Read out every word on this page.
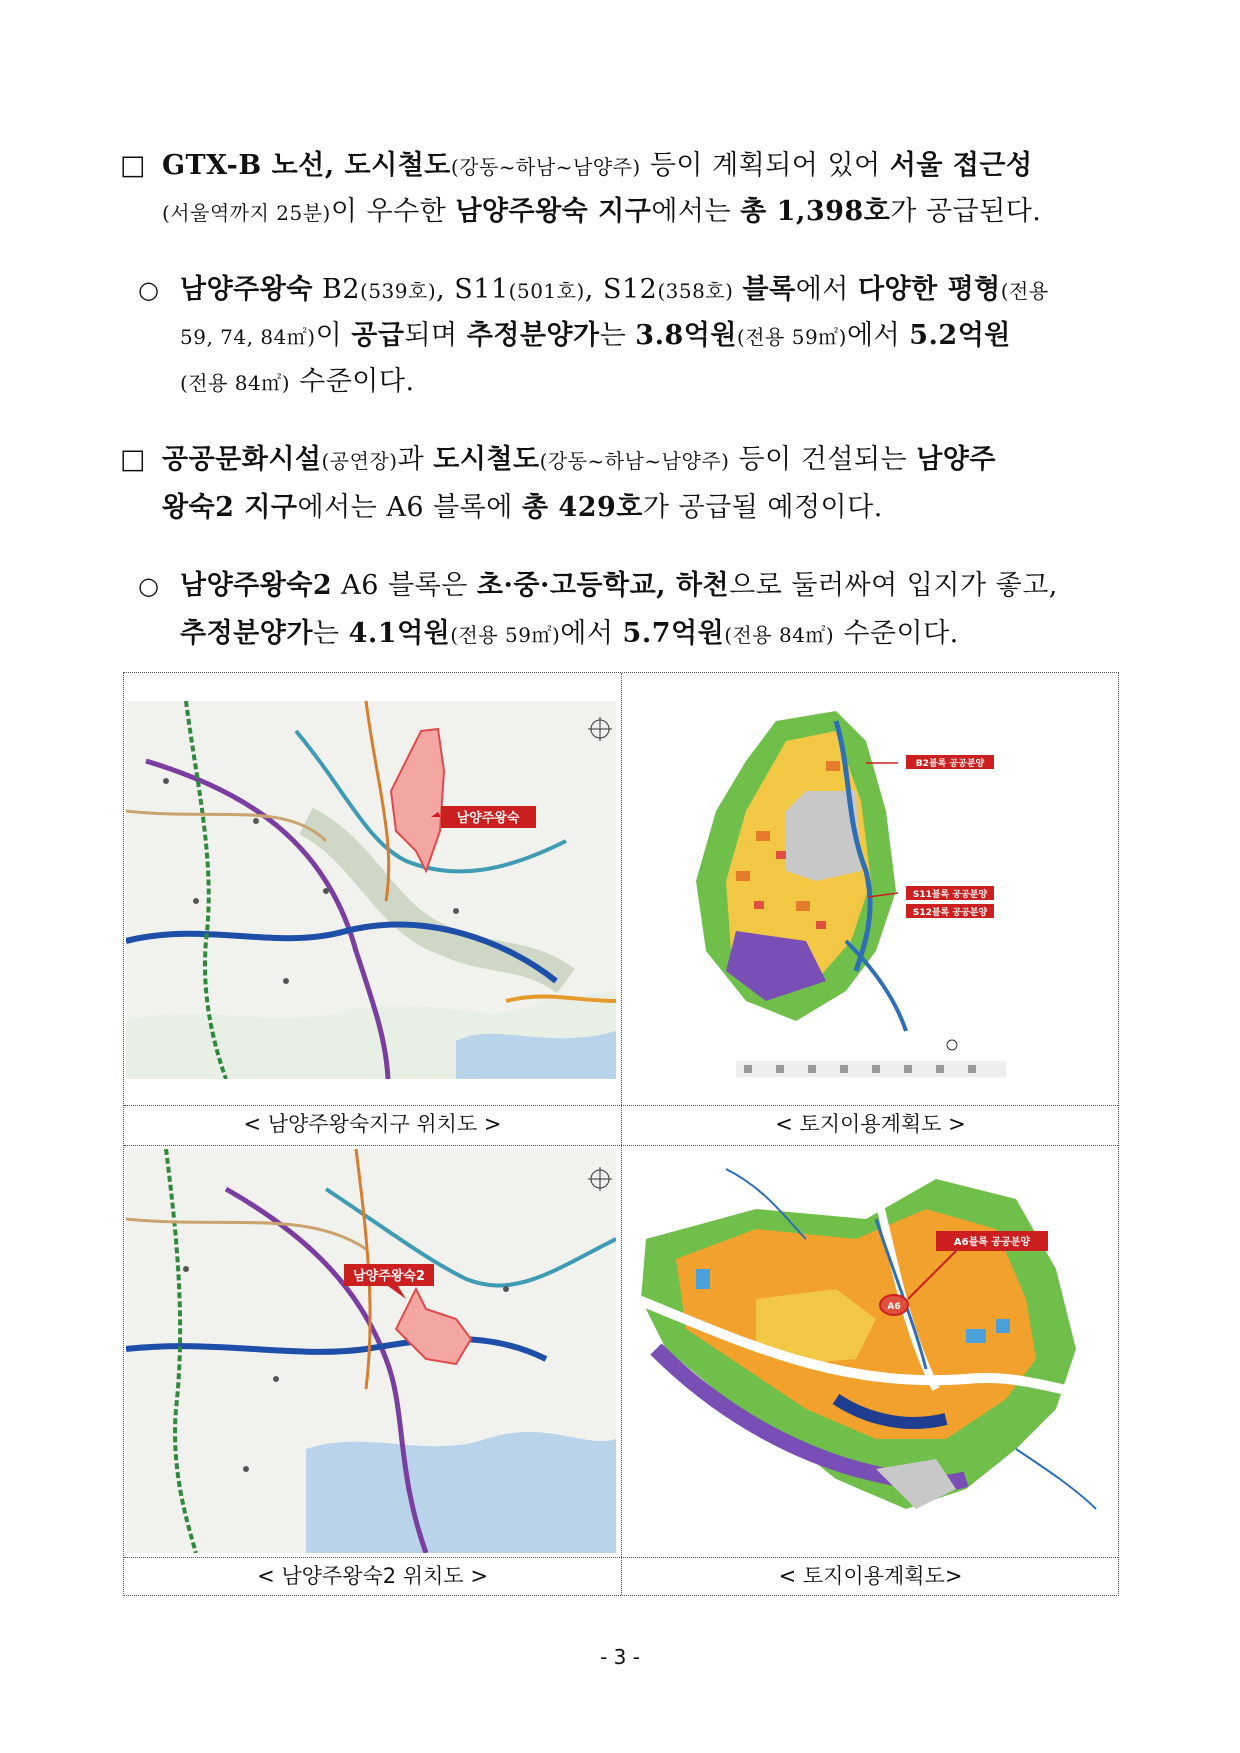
□ GTX-B 노선, 도시철도(강동~하남~남양주) 등이 계획되어 있어 서울 접근성
(서울역까지 25분)이 우수한 남양주왕숙 지구에서는 총 1,398호가 공급된다.
○ 남양주왕숙 B2(539호), S11(501호), S12(358호) 블록에서 다양한 평형(전용
59, 74, 84㎡)이 공급되며 추정분양가는 3.8억원(전용 59㎡)에서 5.2억원
(전용 84㎡) 수준이다.
□ 공공문화시설(공연장)과 도시철도(강동~하남~남양주) 등이 건설되는 남양주
왕숙2 지구에서는 A6 블록에 총 429호가 공급될 예정이다.
○ 남양주왕숙2 A6 블록은 초·중·고등학교, 하천으로 둘러싸여 입지가 좋고,
추정분양가는 4.1억원(전용 59㎡)에서 5.7억원(전용 84㎡) 수준이다.
남양주왕숙
B2블록 공공분양
S11블록 공공분양
S12블록 공공분양
< 남양주왕숙지구 위치도 >	< 토지이용계획도 >
남양주왕숙2
A6
A6블록 공공분양
< 남양주왕숙2 위치도 >	< 토지이용계획도>
- 3 -
